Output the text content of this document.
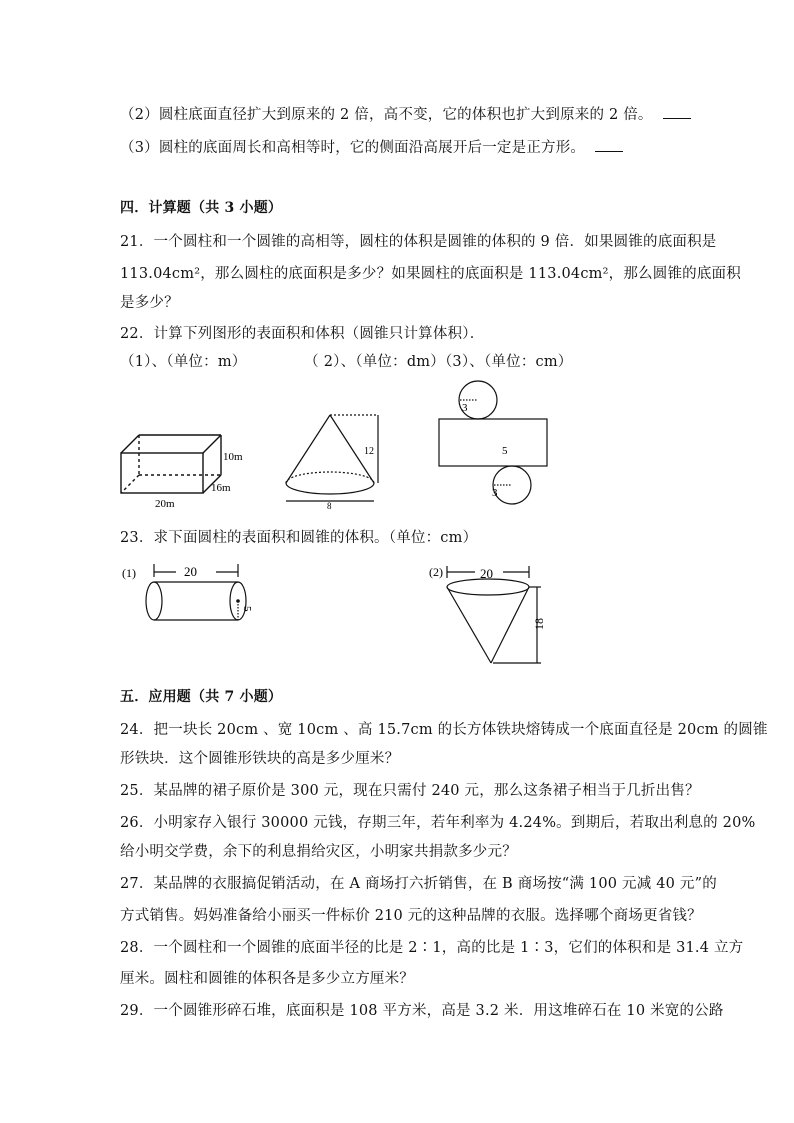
（2）圆柱底面直径扩大到原来的 2 倍，高不变，它的体积也扩大到原来的 2 倍。
（3）圆柱的底面周长和高相等时，它的侧面沿高展开后一定是正方形。
四．计算题（共 3 小题）
21．一个圆柱和一个圆锥的高相等，圆柱的体积是圆锥的体积的 9 倍．如果圆锥的底面积是
113.04cm²，那么圆柱的底面积是多少？如果圆柱的底面积是 113.04cm²，那么圆锥的底面积
是多少？
22．计算下列图形的表面积和体积（圆锥只计算体积）．
（1）、（单位：m）            （ 2）、（单位：dm）（3）、（单位：cm）
10m
16m
20m
12
8
3
5
3
23．求下面圆柱的表面积和圆锥的体积。（单位：cm）
(1)	20
5
(2)	20
18
五．应用题（共 7 小题）
24．把一块长 20cm 、宽 10cm 、高 15.7cm 的长方体铁块熔铸成一个底面直径是 20cm 的圆锥
形铁块．这个圆锥形铁块的高是多少厘米？
25．某品牌的裙子原价是 300 元，现在只需付 240 元，那么这条裙子相当于几折出售？
26．小明家存入银行 30000 元钱，存期三年，若年利率为 4.24%。到期后，若取出利息的 20%
给小明交学费，余下的利息捐给灾区，小明家共捐款多少元？
27．某品牌的衣服搞促销活动，在 A 商场打六折销售，在 B 商场按“满 100 元减 40 元”的
方式销售。妈妈准备给小丽买一件标价 210 元的这种品牌的衣服。选择哪个商场更省钱？
28．一个圆柱和一个圆锥的底面半径的比是 2∶1，高的比是 1∶3，它们的体积和是 31.4 立方
厘米。圆柱和圆锥的体积各是多少立方厘米？
29．一个圆锥形碎石堆，底面积是 108 平方米，高是 3.2 米．用这堆碎石在 10 米宽的公路
